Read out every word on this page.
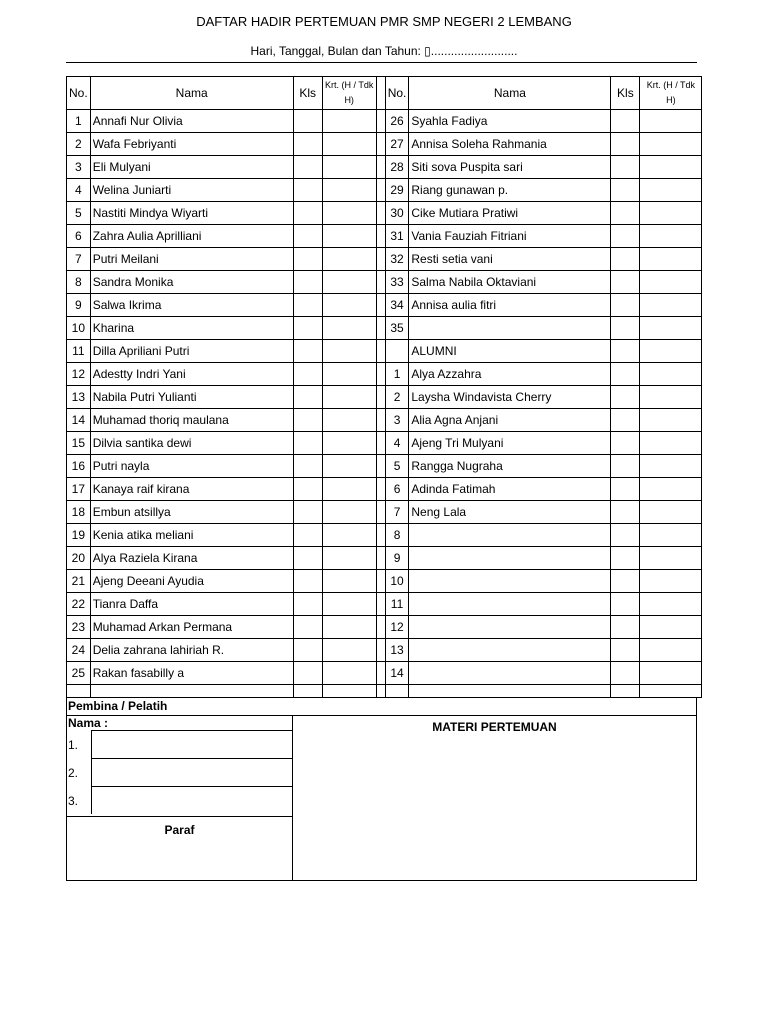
DAFTAR HADIR PERTEMUAN PMR SMP NEGERI 2 LEMBANG
Hari, Tanggal, Bulan dan Tahun: ▯..........................
No.	Nama	Kls	Krt. (H / Tdk H)		No.	Nama	Kls	Krt. (H / Tdk H)
1	Annafi Nur Olivia				26	Syahla Fadiya		
2	Wafa Febriyanti				27	Annisa Soleha Rahmania		
3	Eli Mulyani				28	Siti sova Puspita sari		
4	Welina Juniarti				29	Riang gunawan p.		
5	Nastiti Mindya Wiyarti				30	Cike Mutiara Pratiwi		
6	Zahra Aulia Aprilliani				31	Vania Fauziah Fitriani		
7	Putri Meilani				32	Resti setia vani		
8	Sandra Monika				33	Salma Nabila Oktaviani		
9	Salwa Ikrima				34	Annisa aulia fitri		
10	Kharina				35			
11	Dilla Apriliani Putri					ALUMNI		
12	Adestty Indri Yani				1	Alya Azzahra		
13	Nabila Putri Yulianti				2	Laysha Windavista Cherry		
14	Muhamad thoriq maulana				3	Alia Agna Anjani		
15	Dilvia santika dewi				4	Ajeng Tri Mulyani		
16	Putri nayla				5	Rangga Nugraha		
17	Kanaya raif kirana				6	Adinda Fatimah		
18	Embun atsillya				7	Neng Lala		
19	Kenia atika meliani				8			
20	Alya Raziela Kirana				9			
21	Ajeng Deeani Ayudia				10			
22	Tianra Daffa				11			
23	Muhamad Arkan Permana				12			
24	Delia zahrana lahiriah R.				13			
25	Rakan fasabilly a				14			

Pembina / Pelatih
Nama :
1.
2.
3.
Paraf
MATERI PERTEMUAN
